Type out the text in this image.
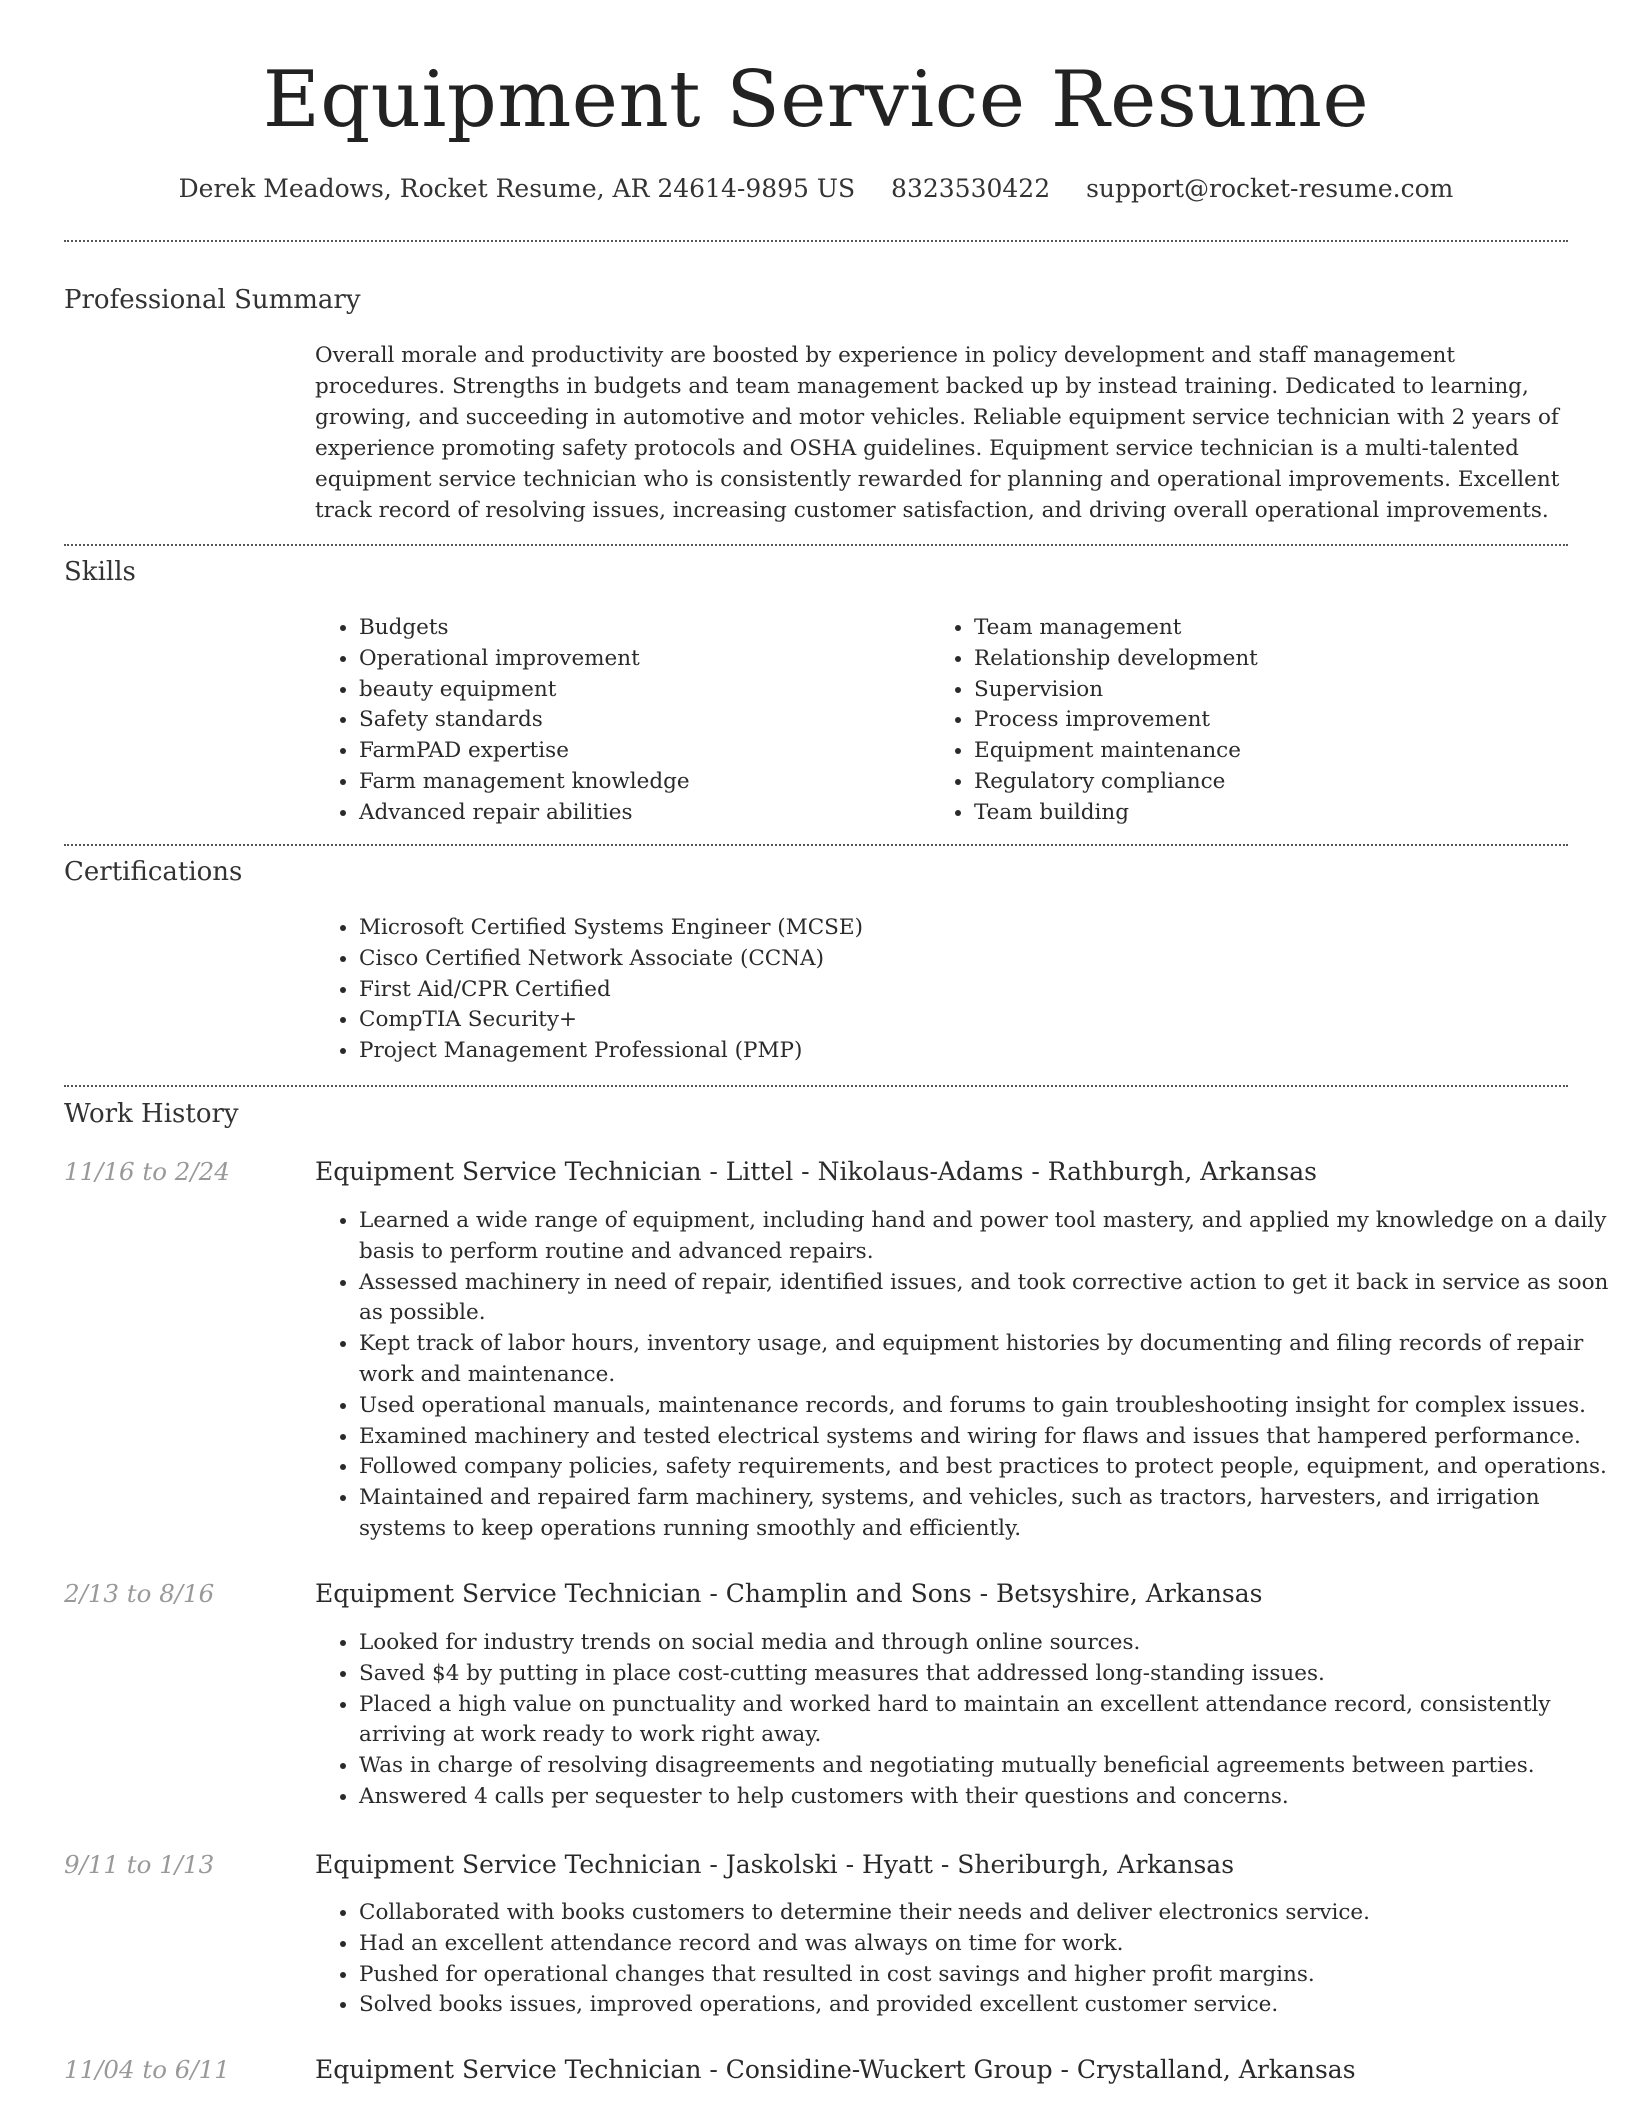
Equipment Service Resume
Derek Meadows, Rocket Resume, AR 24614-9895 US 8323530422 support@rocket-resume.com
Professional Summary

Overall morale and productivity are boosted by experience in policy development and staff management procedures. Strengths in budgets and team management backed up by instead training. Dedicated to learning, growing, and succeeding in automotive and motor vehicles. Reliable equipment service technician with 2 years of experience promoting safety protocols and OSHA guidelines. Equipment service technician is a multi-talented equipment service technician who is consistently rewarded for planning and operational improvements. Excellent track record of resolving issues, increasing customer satisfaction, and driving overall operational improvements.

Skills
• Budgets
• Operational improvement
• beauty equipment
• Safety standards
• FarmPAD expertise
• Farm management knowledge
• Advanced repair abilities
• Team management
• Relationship development
• Supervision
• Process improvement
• Equipment maintenance
• Regulatory compliance
• Team building
Certifications
• Microsoft Certified Systems Engineer (MCSE)
• Cisco Certified Network Associate (CCNA)
• First Aid/CPR Certified
• CompTIA Security+
• Project Management Professional (PMP)
Work History
11/16 to 2/24	Equipment Service Technician - Littel - Nikolaus-Adams - Rathburgh, Arkansas
• Learned a wide range of equipment, including hand and power tool mastery, and applied my knowledge on a daily basis to perform routine and advanced repairs.
• Assessed machinery in need of repair, identified issues, and took corrective action to get it back in service as soon as possible.
• Kept track of labor hours, inventory usage, and equipment histories by documenting and filing records of repair work and maintenance.
• Used operational manuals, maintenance records, and forums to gain troubleshooting insight for complex issues.
• Examined machinery and tested electrical systems and wiring for flaws and issues that hampered performance.
• Followed company policies, safety requirements, and best practices to protect people, equipment, and operations.
• Maintained and repaired farm machinery, systems, and vehicles, such as tractors, harvesters, and irrigation systems to keep operations running smoothly and efficiently.
2/13 to 8/16	Equipment Service Technician - Champlin and Sons - Betsyshire, Arkansas
• Looked for industry trends on social media and through online sources.
• Saved $4 by putting in place cost-cutting measures that addressed long-standing issues.
• Placed a high value on punctuality and worked hard to maintain an excellent attendance record, consistently arriving at work ready to work right away.
• Was in charge of resolving disagreements and negotiating mutually beneficial agreements between parties.
• Answered 4 calls per sequester to help customers with their questions and concerns.
9/11 to 1/13	Equipment Service Technician - Jaskolski - Hyatt - Sheriburgh, Arkansas
• Collaborated with books customers to determine their needs and deliver electronics service.
• Had an excellent attendance record and was always on time for work.
• Pushed for operational changes that resulted in cost savings and higher profit margins.
• Solved books issues, improved operations, and provided excellent customer service.
11/04 to 6/11	Equipment Service Technician - Considine-Wuckert Group - Crystalland, Arkansas
